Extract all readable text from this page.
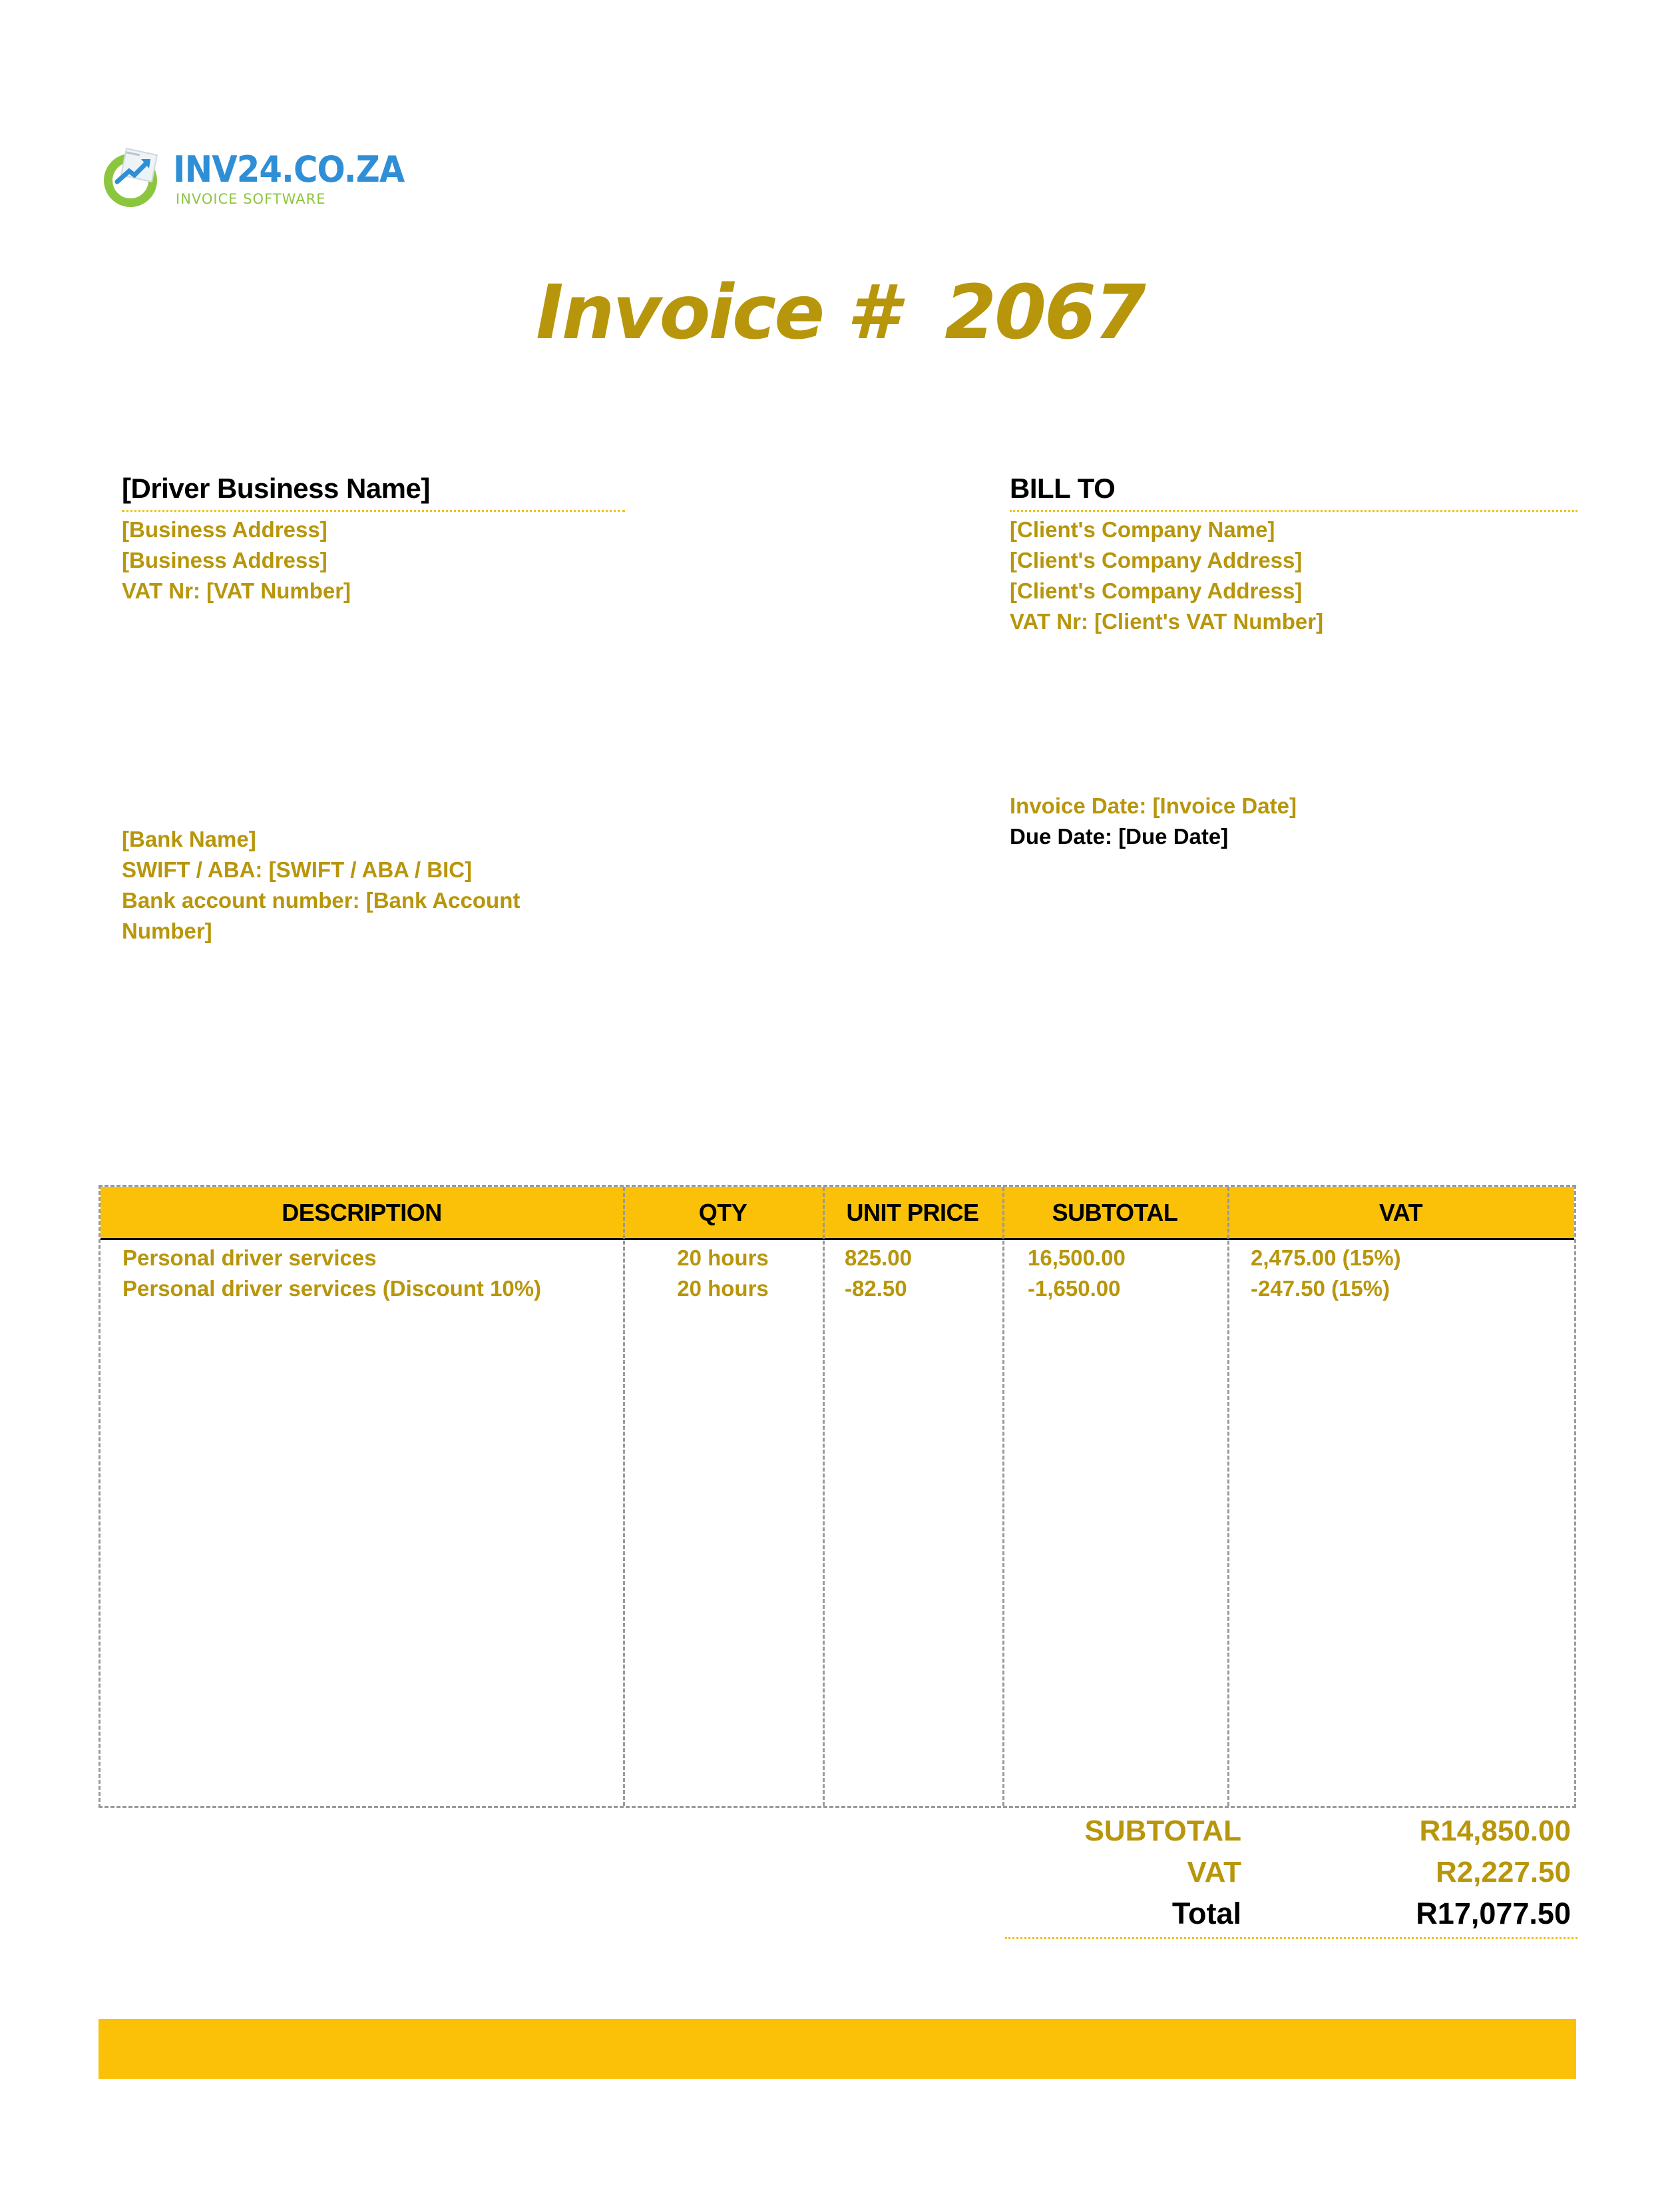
INV24.CO.ZA
INVOICE SOFTWARE
Invoice #  2067
[Driver Business Name]
[Business Address]
[Business Address]
VAT Nr: [VAT Number]
BILL TO
[Client's Company Name]
[Client's Company Address]
[Client's Company Address]
VAT Nr: [Client's VAT Number]
[Bank Name]
SWIFT / ABA: [SWIFT / ABA / BIC]
Bank account number: [Bank Account
Number]
Invoice Date: [Invoice Date]
Due Date: [Due Date]
DESCRIPTION	QTY	UNIT PRICE	SUBTOTAL	VAT
Personal driver services	20 hours	825.00	16,500.00	2,475.00 (15%)
Personal driver services (Discount 10%)	20 hours	-82.50	-1,650.00	-247.50 (15%)
SUBTOTAL	R14,850.00
VAT	R2,227.50
Total	R17,077.50
